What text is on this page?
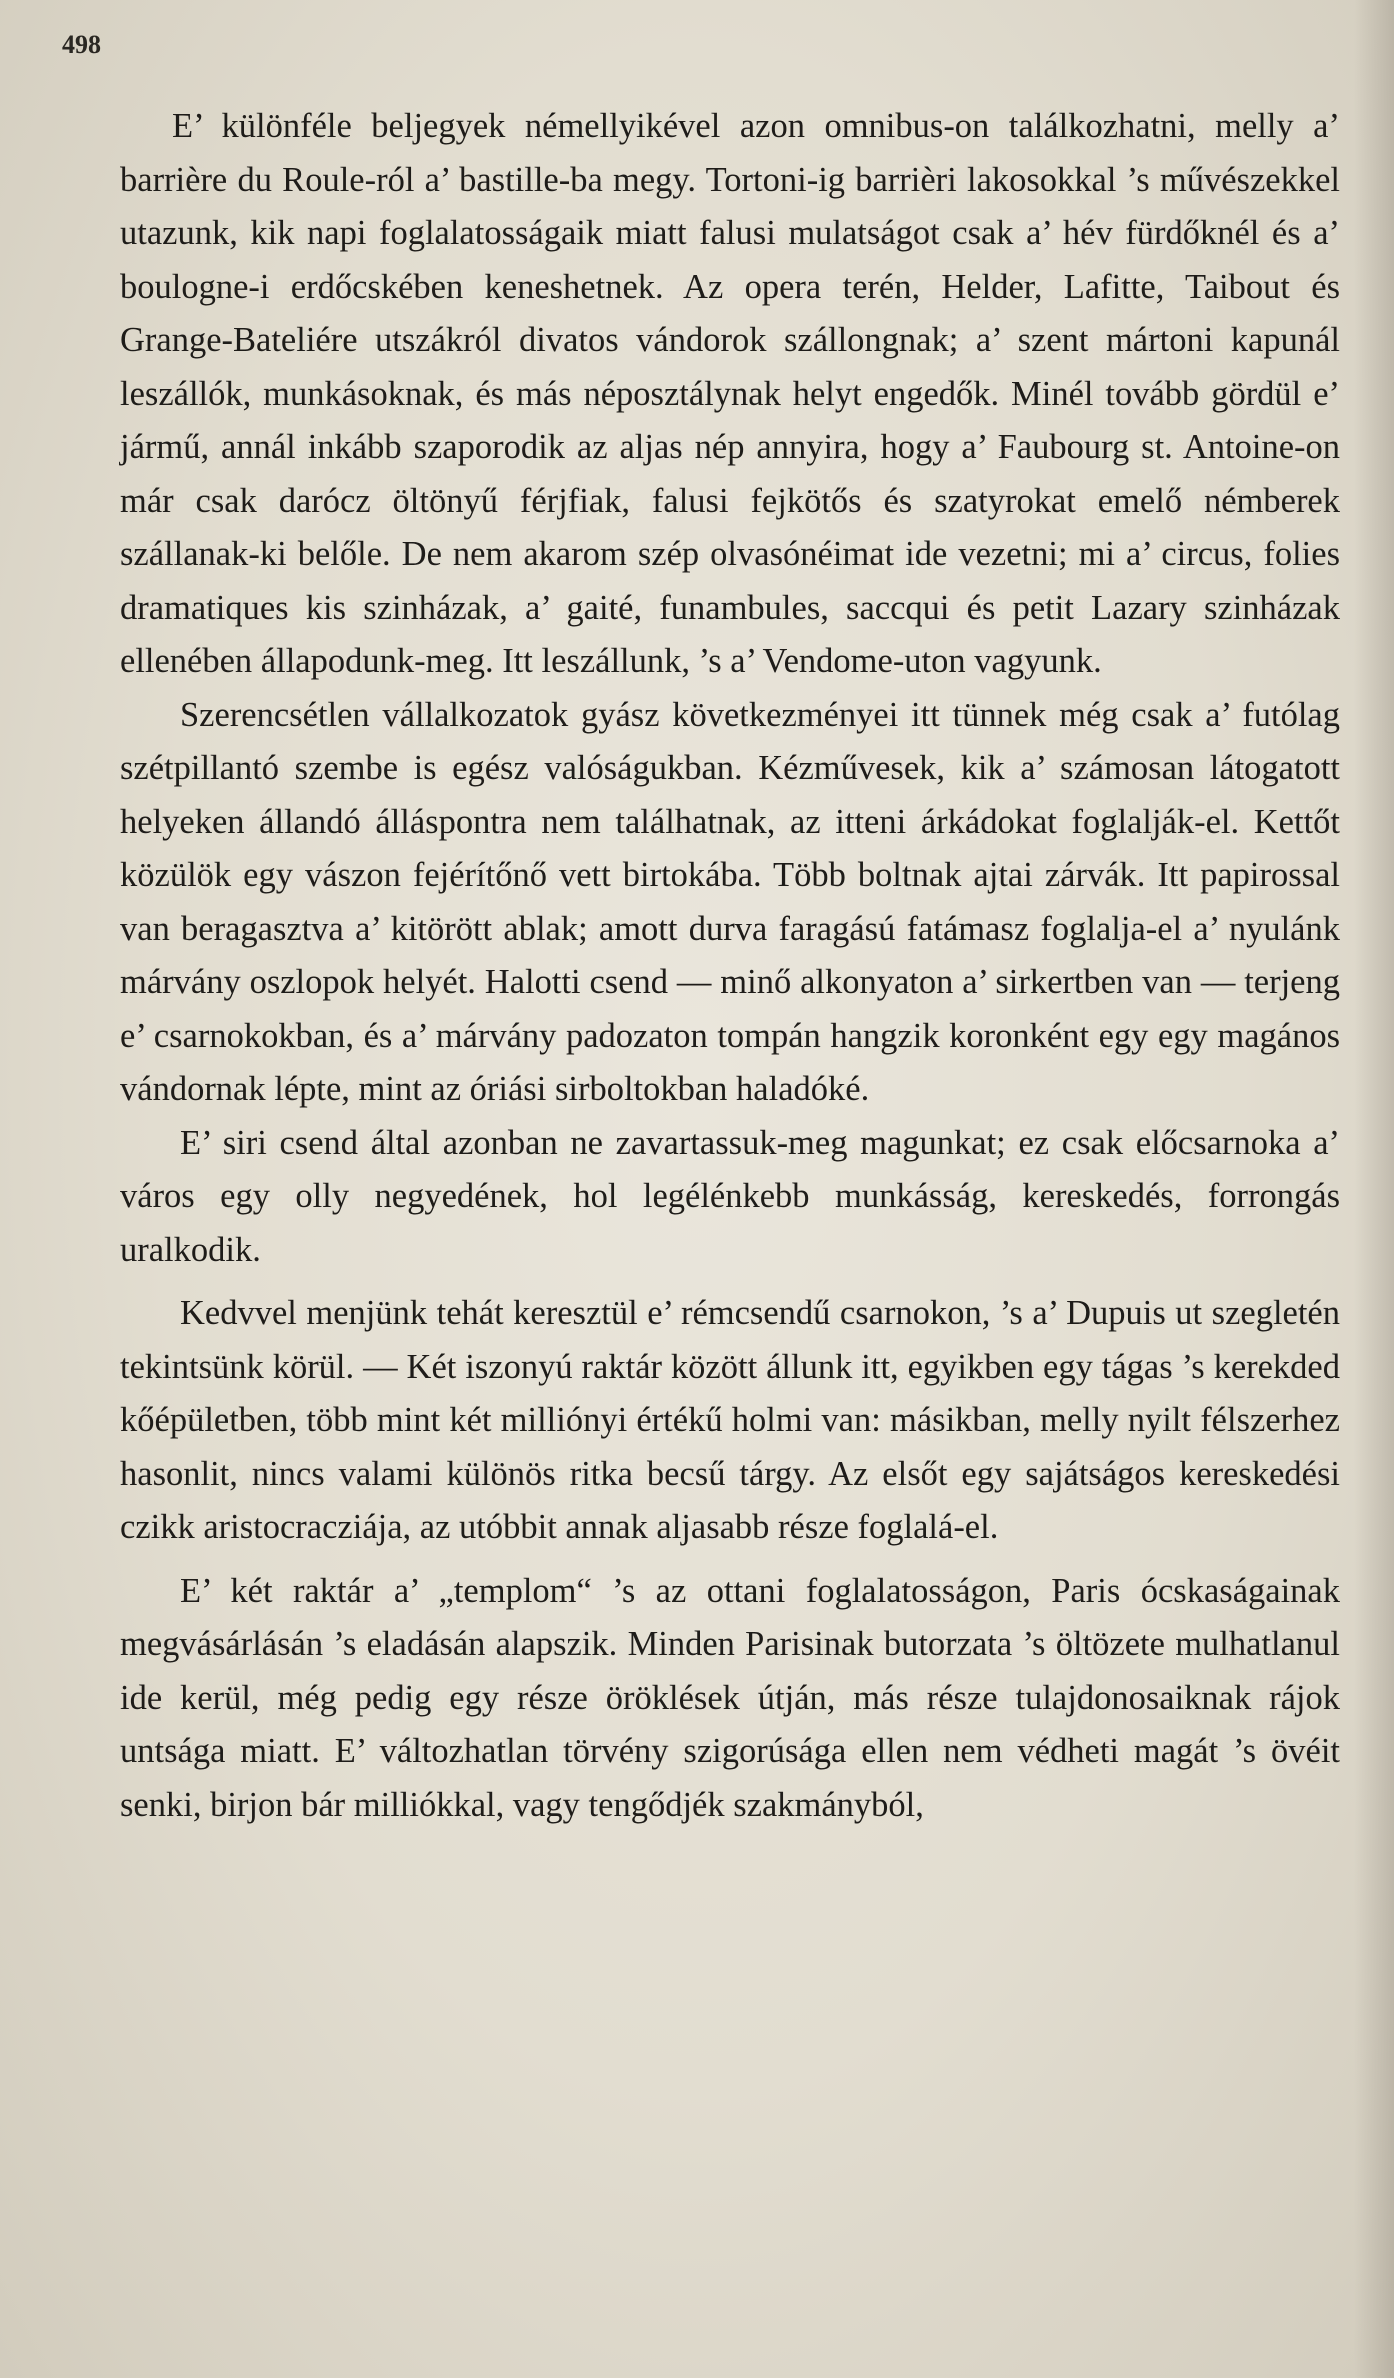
498

E’ különféle beljegyek némellyikével azon omnibus-on találkozhatni, melly a’ barrière du Roule-ról a’ bastille-ba megy. Tortoni-ig barrièri lakosokkal ’s művészekkel utazunk, kik napi foglalatosságaik miatt falusi mulatságot csak a’ hév fürdőknél és a’ boulogne-i erdőcskében keneshetnek. Az opera terén, Helder, Lafitte, Taibout és Grange-Bateliére utszákról divatos vándorok szállongnak; a’ szent mártoni kapunál leszállók, munkásoknak, és más néposztálynak helyt engedők. Minél tovább gördül e’ jármű, annál inkább szaporodik az aljas nép annyira, hogy a’ Faubourg st. Antoine-on már csak darócz öltönyű férjfiak, falusi fejkötős és szatyrokat emelő némberek szállanak-ki belőle. De nem akarom szép olvasónéimat ide vezetni; mi a’ circus, folies dramatiques kis szinházak, a’ gaité, funambules, saccqui és petit Lazary szinházak ellenében állapodunk-meg. Itt leszállunk, ’s a’ Vendome-uton vagyunk.

Szerencsétlen vállalkozatok gyász következményei itt tünnek még csak a’ futólag szétpillantó szembe is egész valóságukban. Kézművesek, kik a’ számosan látogatott helyeken állandó álláspontra nem találhatnak, az itteni árkádokat foglalják-el. Kettőt közülök egy vászon fejérítőnő vett birtokába. Több boltnak ajtai zárvák. Itt papirossal van beragasztva a’ kitörött ablak; amott durva faragású fatámasz foglalja-el a’ nyulánk márvány oszlopok helyét. Halotti csend — minő alkonyaton a’ sirkertben van — terjeng e’ csarnokokban, és a’ márvány padozaton tompán hangzik koronként egy egy magános vándornak lépte, mint az óriási sirboltokban haladóké.

E’ siri csend által azonban ne zavartassuk-meg magunkat; ez csak előcsarnoka a’ város egy olly negyedének, hol legélénkebb munkásság, kereskedés, forrongás uralkodik.

Kedvvel menjünk tehát keresztül e’ rémcsendű csarnokon, ’s a’ Dupuis ut szegletén tekintsünk körül. — Két iszonyú raktár között állunk itt, egyikben egy tágas ’s kerekded kőépületben, több mint két milliónyi értékű holmi van: másikban, melly nyilt félszerhez hasonlit, nincs valami különös ritka becsű tárgy. Az elsőt egy sajátságos kereskedési czikk aristocracziája, az utóbbit annak aljasabb része foglalá-el.

E’ két raktár a’ „templom“ ’s az ottani foglalatosságon, Paris ócskaságainak megvásárlásán ’s eladásán alapszik. Minden Parisinak butorzata ’s öltözete mulhatlanul ide kerül, még pedig egy része öröklések útján, más része tulajdonosaiknak rájok untsága miatt. E’ változhatlan törvény szigorúsága ellen nem védheti magát ’s övéit senki, birjon bár milliókkal, vagy tengődjék szakmányból,
